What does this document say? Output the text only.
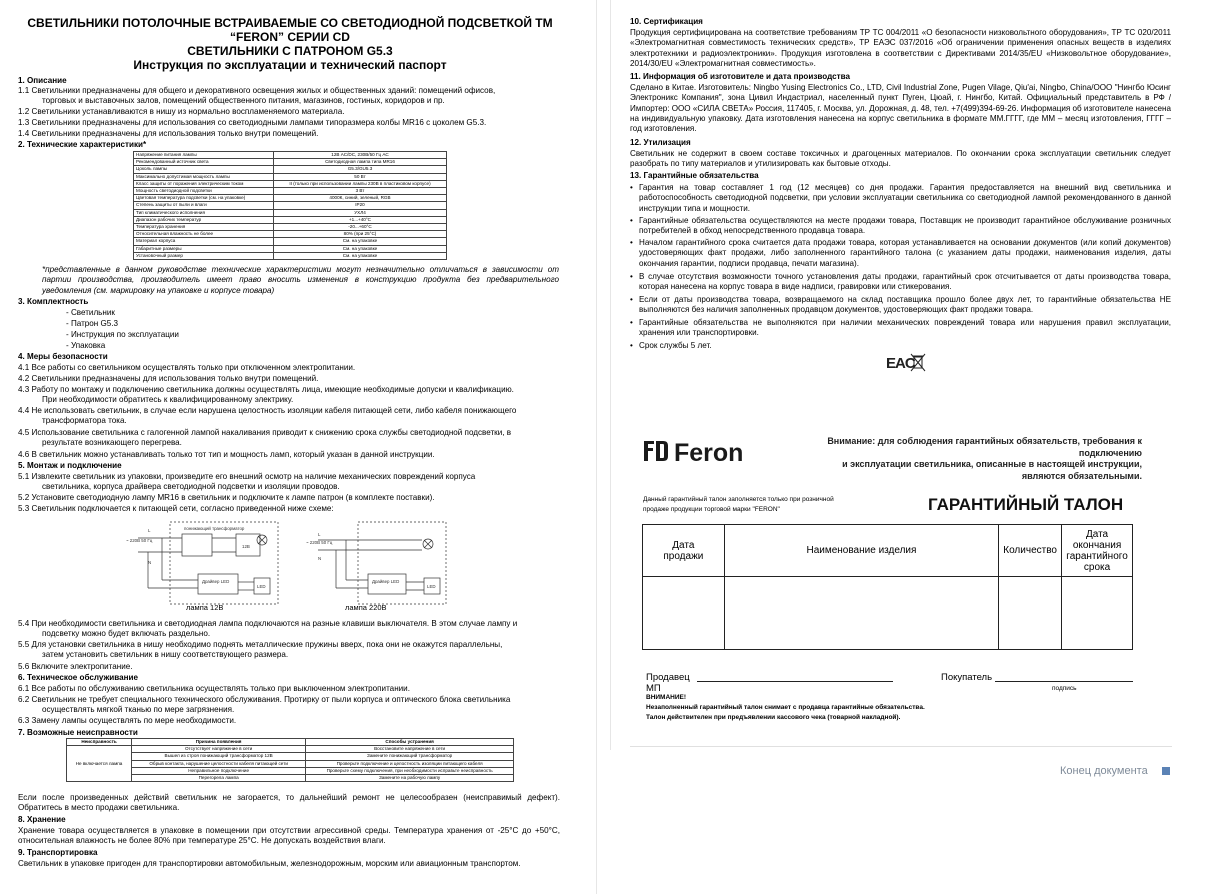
СВЕТИЛЬНИКИ ПОТОЛОЧНЫЕ ВСТРАИВАЕМЫЕ СО СВЕТОДИОДНОЙ ПОДСВЕТКОЙ ТМ
“FERON” СЕРИИ CD
СВЕТИЛЬНИКИ С ПАТРОНОМ G5.3
Инструкция по эксплуатации и технический паспорт
1. Описание
1.1 Светильники предназначены для общего и декоративного освещения жилых и общественных зданий: помещений офисов,
торговых и выставочных залов, помещений общественного питания, магазинов, гостиных, коридоров и пр.
1.2 Светильники устанавливаются в нишу из нормально воспламеняемого материала.
1.3 Светильники предназначены для использования со светодиодными лампами типоразмера колбы MR16 с цоколем G5.3.
1.4 Светильники предназначены для использования только внутри помещений.
2. Технические характеристики*
Напряжение питания лампы	12В AC/DC, 230В/50 Гц AC
Рекомендованный источник света	Светодиодная лампа типа MR16
Цоколь лампы	G5.3/GU5.3
Максимально допустимая мощность лампы	50 Вт
Класс защиты от поражения электрическим током	II (только при использовании лампы 230В в пластиковом корпусе)
Мощность светодиодной подсветки	3 Вт
Цветовая температура подсветки (см. на упаковке)	4000К, синий, зеленый, RGB
Степень защиты от пыли и влаги	IP20
Тип климатического исполнения	УХЛ4
Диапазон рабочих температур	+1...+40°С
Температура хранения	-20...+60°С
Относительная влажность не более	80% (при 25°С)
Материал корпуса	См. на упаковке
Габаритные размеры	См. на упаковке
Установочный размер	См. на упаковке
*представленные в данном руководстве технические характеристики могут незначительно отличаться в зависимости от партии производства, производитель имеет право вносить изменения в конструкцию продукта без предварительного уведомления (см. маркировку на упаковке и корпусе товара)
3. Комплектность
- Светильник
- Патрон G5.3
- Инструкция по эксплуатации
- Упаковка
4. Меры безопасности
4.1 Все работы со светильником осуществлять только при отключенном электропитании.
4.2 Светильники предназначены для использования только внутри помещений.
4.3 Работу по монтажу и подключению светильника должны осуществлять лица, имеющие необходимые допуски и квалификацию.
При необходимости обратитесь к квалифицированному электрику.
4.4 Не использовать светильник, в случае если нарушена целостность изоляции кабеля питающей сети, либо кабеля понижающего
трансформатора тока.
4.5 Использование светильника с галогенной лампой накаливания приводит к снижению срока службы светодиодной подсветки, в
результате возникающего перегрева.
4.6 В светильник можно устанавливать только тот тип и мощность ламп, который указан в данной инструкции.
5. Монтаж и подключение
5.1 Извлеките светильник из упаковки, произведите его внешний осмотр на наличие механических повреждений корпуса
светильника, корпуса драйвера светодиодной подсветки и изоляции проводов.
5.2 Установите светодиодную лампу MR16 в светильник и подключите к лампе патрон (в комплекте поставки).
5.3 Светильник подключается к питающей сети, согласно приведенной ниже схеме:
~ 220В 50 Гц
понижающий трансформатор
12В
Драйвер LED
LED
~ 220В 50 Гц
Драйвер LED
LED
L
N
L
N
лампа 12В	лампа 220В
5.4 При необходимости светильника и светодиодная лампа подключаются на разные клавиши выключателя. В этом случае лампу и
подсветку можно будет включать раздельно.
5.5 Для установки светильника в нишу необходимо поднять металлические пружины вверх, пока они не окажутся параллельны,
затем установить светильник в нишу соответствующего размера.
5.6 Включите электропитание.
6. Техническое обслуживание
6.1 Все работы по обслуживанию светильника осуществлять только при выключенном электропитании.
6.2 Светильник не требует специального технического обслуживания. Протирку от пыли корпуса и оптического блока светильника
осуществлять мягкой тканью по мере загрязнения.
6.3 Замену лампы осуществлять по мере необходимости.
7. Возможные неисправности
Неисправность	Причина появления	Способы устранения
Не включается лампа	Отсутствует напряжение в сети	Восстановите напряжение в сети
	Вышел из строя понижающий трансформатор 12В	Замените понижающий трансформатор
	Обрыв контакта, нарушение целостности кабеля питающей сети	Проверьте подключение и целостность изоляции питающего кабеля
	Неправильное подключение	Проверьте схему подключения, при необходимости исправьте неисправность
	Перегорела лампа	Замените на рабочую лампу
Если после произведенных действий светильник не загорается, то дальнейший ремонт не целесообразен (неисправимый дефект). Обратитесь в место продажи светильника.
8. Хранение
Хранение товара осуществляется в упаковке в помещении при отсутствии агрессивной среды. Температура хранения от -25°С до +50°С, относительная влажность не более 80% при температуре 25°С. Не допускать воздействия влаги.
9. Транспортировка
Светильник в упаковке пригоден для транспортировки автомобильным, железнодорожным, морским или авиационным транспортом.
10. Сертификация
Продукция сертифицирована на соответствие требованиям ТР ТС 004/2011 «О безопасности низковольтного оборудования», ТР ТС 020/2011 «Электромагнитная совместимость технических средств», ТР ЕАЭС 037/2016 «Об ограничении применения опасных веществ в изделиях электротехники и радиоэлектроники». Продукция изготовлена в соответствии с Директивами 2014/35/EU «Низковольтное оборудование», 2014/30/EU «Электромагнитная совместимость».
11. Информация об изготовителе и дата производства
Сделано в Китае. Изготовитель: Ningbo Yusing Electronics Co., LTD, Civil Industrial Zone, Pugen Vilage, Qiu'ai, Ningbo, China/ООО "Нингбо Юсинг Электроникс Компания", зона Цивил Индастриал, населенный пункт Пуген, Цюай, г. Нингбо, Китай. Официальный представитель в РФ / Импортер: ООО «СИЛА СВЕТА» Россия, 117405, г. Москва, ул. Дорожная, д. 48, тел. +7(499)394-69-26. Информация об изготовителе нанесена на индивидуальную упаковку. Дата изготовления нанесена на корпус светильника в формате ММ.ГГГГ, где ММ – месяц изготовления, ГГГГ – год изготовления.
12. Утилизация
Светильник не содержит в своем составе токсичных и драгоценных материалов. По окончании срока эксплуатации светильник следует разобрать по типу материалов и утилизировать как бытовые отходы.
13. Гарантийные обязательства
• Гарантия на товар составляет 1 год (12 месяцев) со дня продажи. Гарантия предоставляется на внешний вид светильника и работоспособность светодиодной подсветки, при условии эксплуатации светильника со светодиодной лампой рекомендованного в данной инструкции типа и мощности.
• Гарантийные обязательства осуществляются на месте продажи товара, Поставщик не производит гарантийное обслуживание розничных потребителей в обход непосредственного продавца товара.
• Началом гарантийного срока считается дата продажи товара, которая устанавливается на основании документов (или копий документов) удостоверяющих факт продажи, либо заполненного гарантийного талона (с указанием даты продажи, наименования изделия, даты окончания гарантии, подписи продавца, печати магазина).
• В случае отсутствия возможности точного установления даты продажи, гарантийный срок отсчитывается от даты производства товара, которая нанесена на корпус товара в виде надписи, гравировки или стикерования.
• Если от даты производства товара, возвращаемого на склад поставщика прошло более двух лет, то гарантийные обязательства НЕ выполняются без наличия заполненных продавцом документов, удостоверяющих факт продажи товара.
• Гарантийные обязательства не выполняются при наличии механических повреждений товара или нарушения правил эксплуатации, хранения или транспортировки.
• Срок службы 5 лет.
EAC
Feron	Внимание: для соблюдения гарантийных обязательств, требования к подключению
и эксплуатации светильника, описанные в настоящей инструкции,
являются обязательными.
Данный гарантийный талон заполняется только при розничной
продаже продукции торговой марки "FERON"	ГАРАНТИЙНЫЙ ТАЛОН
Дата продажи	Наименование изделия	Количество	Дата окончания гарантийного срока

Продавец
МП
Покупатель
подпись
ВНИМАНИЕ!
Незаполненный гарантийный талон снимает с продавца гарантийные обязательства.
Талон действителен при предъявлении кассового чека (товарной накладной).
Конец документа
